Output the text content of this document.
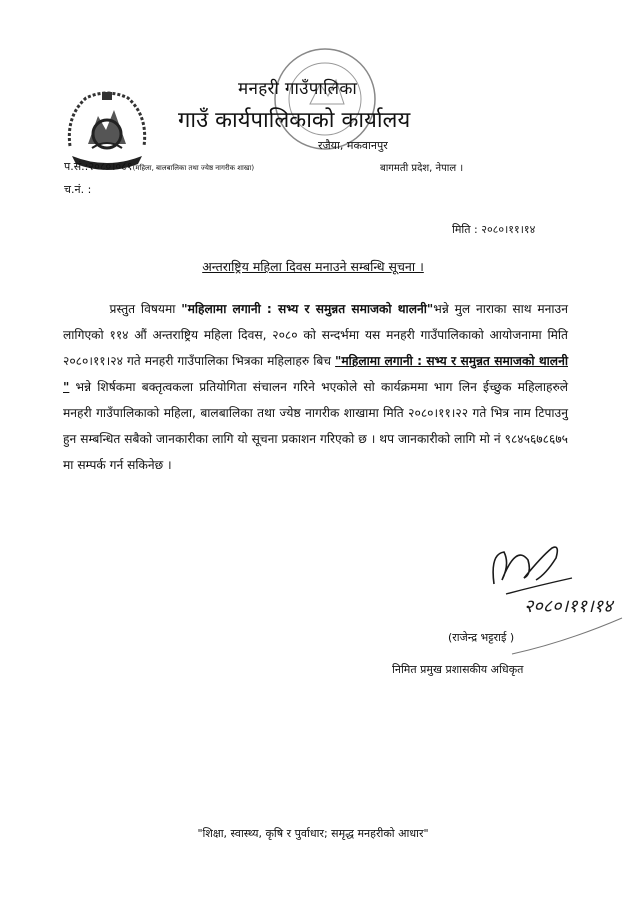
मनहरी गाउँपालिका
गाउँ कार्यपालिकाको कार्यालय
रजैया, मकवानपुर
प.सं.:२०८०।०८१(महिला, बालबालिका तथा ज्येष्ठ नागरीक शाखा)	बागमती प्रदेश, नेपाल ।
च.नं. :
मिति : २०८०।११।१४
अन्तराष्ट्रिय महिला दिवस मनाउने सम्बन्धि सूचना ।
प्रस्तुत विषयमा "महिलामा लगानी : सभ्य र समुन्नत समाजको थालनी"भन्ने मुल नाराका साथ मनाउन लागिएको ११४ औं अन्तराष्ट्रिय महिला दिवस, २०८० को सन्दर्भमा यस मनहरी गाउँपालिकाको आयोजनामा मिति २०८०।११।२४ गते मनहरी गाउँपालिका भित्रका महिलाहरु बिच "महिलामा लगानी : सभ्य र समुन्नत समाजको थालनी " भन्ने शिर्षकमा बक्तृत्वकला प्रतियोगिता संचालन गरिने भएकोले सो कार्यक्रममा भाग लिन ईच्छुक महिलाहरुले मनहरी गाउँपालिकाको महिला, बालबालिका तथा ज्येष्ठ नागरीक शाखामा मिति २०८०।११।२२ गते भित्र नाम टिपाउनु हुन सम्बन्धित सबैको जानकारीका लागि यो सूचना प्रकाशन गरिएको छ । थप जानकारीको लागि मो नं ९८४५६७८६७५ मा सम्पर्क गर्न सकिनेछ ।
२०८०।११।१४
(राजेन्द्र भट्टराई )
निमित प्रमुख प्रशासकीय अधिकृत
"शिक्षा, स्वास्थ्य, कृषि र पुर्वाधार; समृद्ध मनहरीको आधार"
